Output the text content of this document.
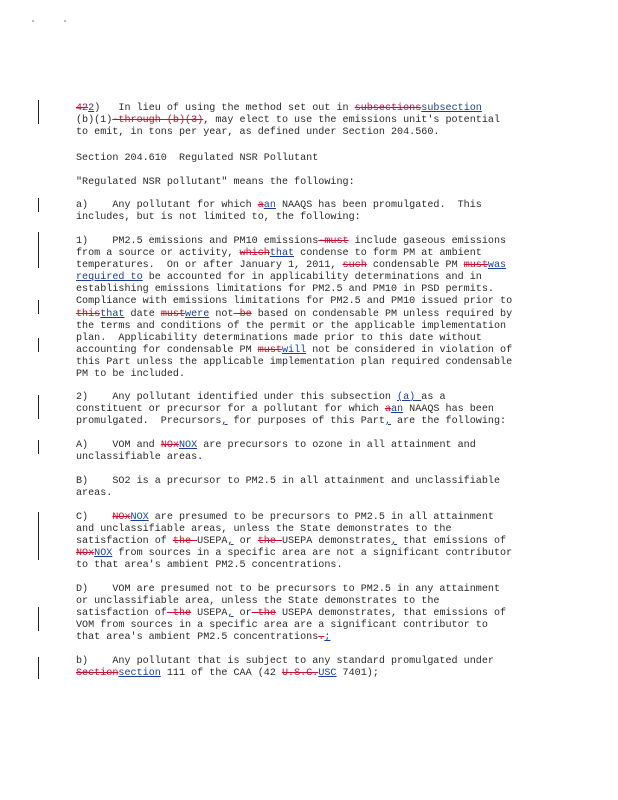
422)   In lieu of using the method set out in subsectionssubsection
(b)(1)-through (b)(3), may elect to use the emissions unit's potential
to emit, in tons per year, as defined under Section 204.560.
Section 204.610  Regulated NSR Pollutant
"Regulated NSR pollutant" means the following:
a)    Any pollutant for which aan NAAQS has been promulgated.  This
includes, but is not limited to, the following:
1)    PM2.5 emissions and PM10 emissions-must include gaseous emissions
from a source or activity, whichthat condense to form PM at ambient
temperatures.  On or after January 1, 2011, such condensable PM mustwas
required to be accounted for in applicability determinations and in
establishing emissions limitations for PM2.5 and PM10 in PSD permits.
Compliance with emissions limitations for PM2.5 and PM10 issued prior to
thisthat date mustwere not be based on condensable PM unless required by
the terms and conditions of the permit or the applicable implementation
plan.  Applicability determinations made prior to this date without
accounting for condensable PM mustwill not be considered in violation of
this Part unless the applicable implementation plan required condensable
PM to be included.
2)    Any pollutant identified under this subsection (a) as a
constituent or precursor for a pollutant for which aan NAAQS has been
promulgated.  Precursors, for purposes of this Part, are the following:
A)    VOM and NOxNOX are precursors to ozone in all attainment and
unclassifiable areas.
B)    SO2 is a precursor to PM2.5 in all attainment and unclassifiable
areas.
C)    NOxNOX are presumed to be precursors to PM2.5 in all attainment
and unclassifiable areas, unless the State demonstrates to the
satisfaction of the USEPA, or the USEPA demonstrates, that emissions of
NOxNOX from sources in a specific area are not a significant contributor
to that area's ambient PM2.5 concentrations.
D)    VOM are presumed not to be precursors to PM2.5 in any attainment
or unclassifiable area, unless the State demonstrates to the
satisfaction of the USEPA, or the USEPA demonstrates, that emissions of
VOM from sources in a specific area are a significant contributor to
that area's ambient PM2.5 concentrations.;
b)    Any pollutant that is subject to any standard promulgated under
Sectionsection 111 of the CAA (42 U.S.C.USC 7401);
